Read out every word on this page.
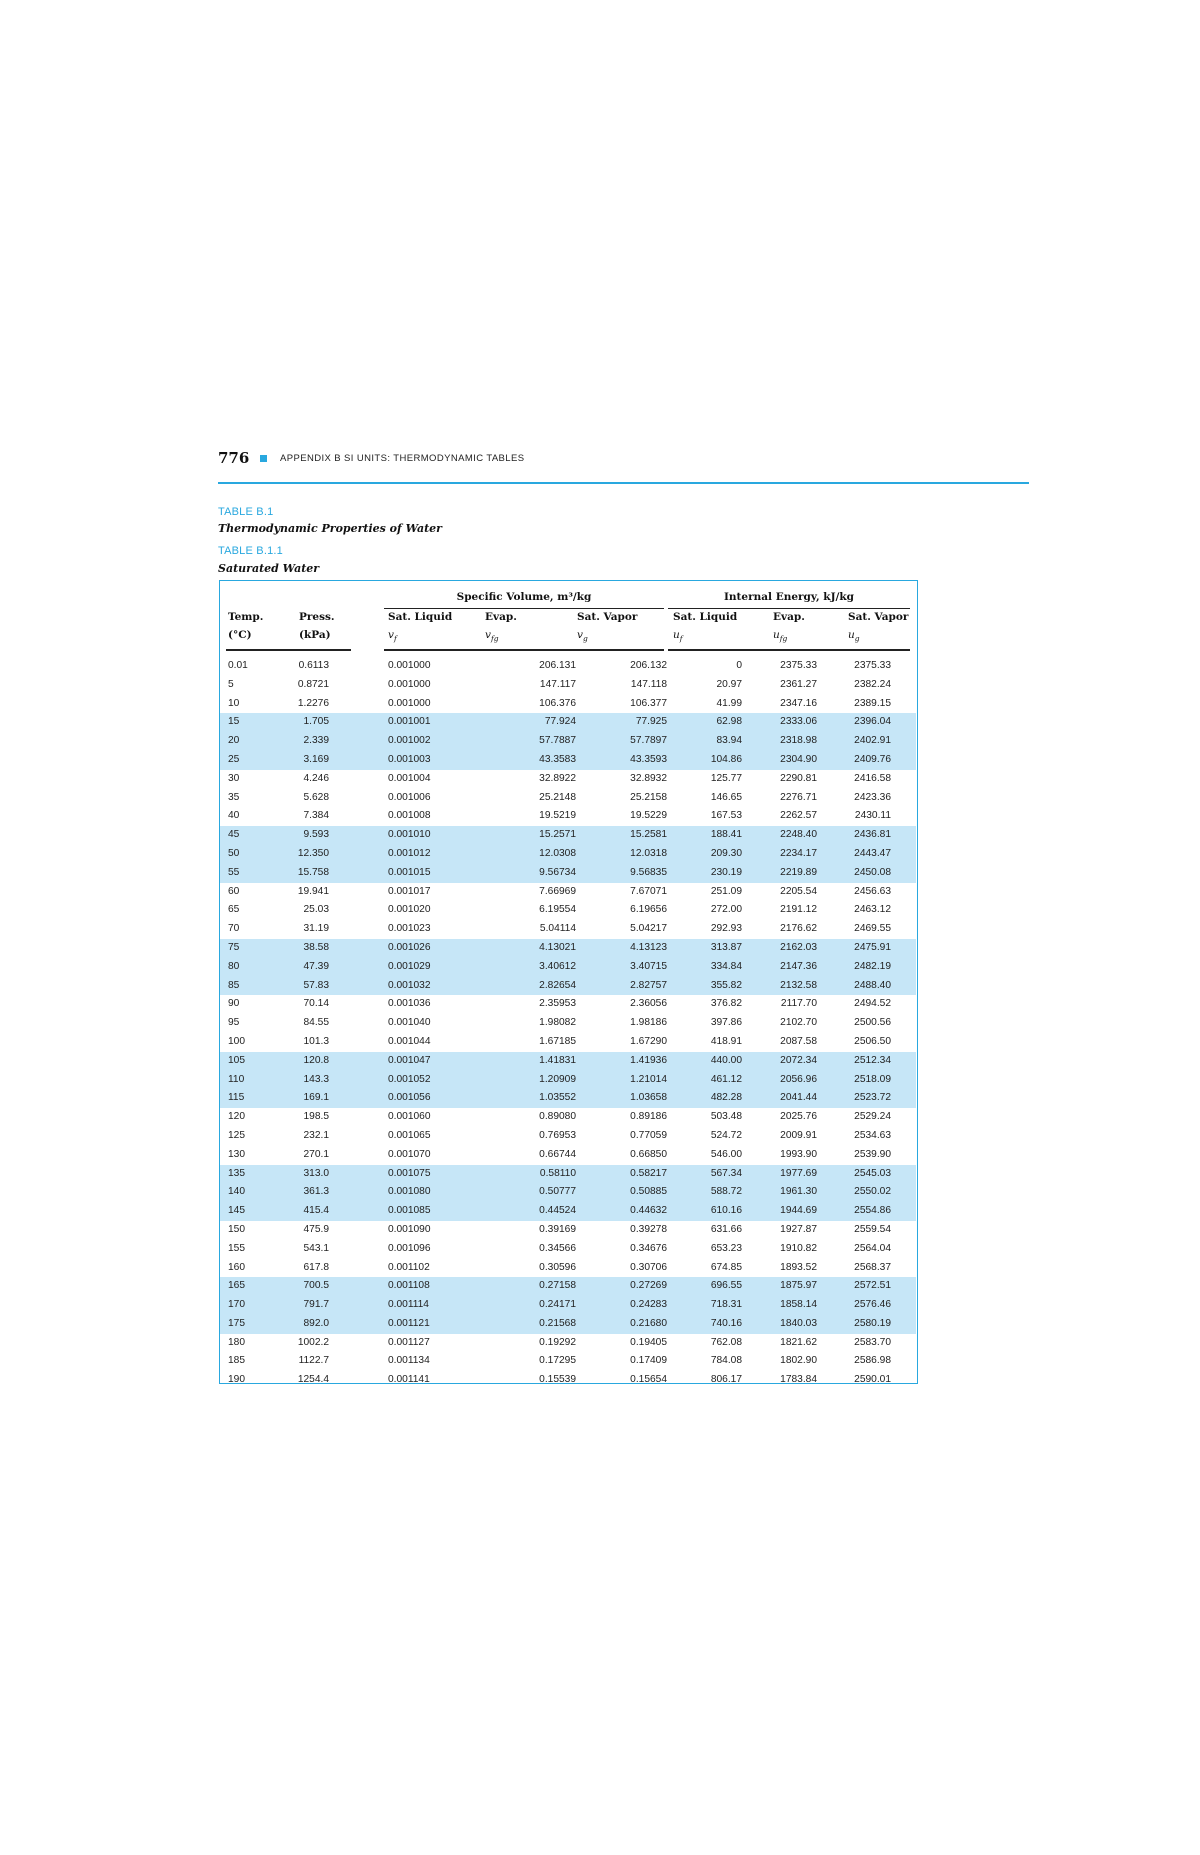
776	APPENDIX B SI UNITS: THERMODYNAMIC TABLES
TABLE B.1
Thermodynamic Properties of Water
TABLE B.1.1
Saturated Water
Specific Volume, m³/kg	Internal Energy, kJ/kg
Temp.
(°C)
Press.
(kPa)
Sat. Liquid	Evap.	Sat. Vapor	Sat. Liquid	Evap.	Sat. Vapor
$v_f$	$v_{fg}$	$v_g$	$u_f$	$u_{fg}$	$u_g$
0.01	0.6113	0.001000	206.131	206.132	0	2375.33	2375.33
5	0.8721	0.001000	147.117	147.118	20.97	2361.27	2382.24
10	1.2276	0.001000	106.376	106.377	41.99	2347.16	2389.15
15	1.705	0.001001	77.924	77.925	62.98	2333.06	2396.04
20	2.339	0.001002	57.7887	57.7897	83.94	2318.98	2402.91
25	3.169	0.001003	43.3583	43.3593	104.86	2304.90	2409.76
30	4.246	0.001004	32.8922	32.8932	125.77	2290.81	2416.58
35	5.628	0.001006	25.2148	25.2158	146.65	2276.71	2423.36
40	7.384	0.001008	19.5219	19.5229	167.53	2262.57	2430.11
45	9.593	0.001010	15.2571	15.2581	188.41	2248.40	2436.81
50	12.350	0.001012	12.0308	12.0318	209.30	2234.17	2443.47
55	15.758	0.001015	9.56734	9.56835	230.19	2219.89	2450.08
60	19.941	0.001017	7.66969	7.67071	251.09	2205.54	2456.63
65	25.03	0.001020	6.19554	6.19656	272.00	2191.12	2463.12
70	31.19	0.001023	5.04114	5.04217	292.93	2176.62	2469.55
75	38.58	0.001026	4.13021	4.13123	313.87	2162.03	2475.91
80	47.39	0.001029	3.40612	3.40715	334.84	2147.36	2482.19
85	57.83	0.001032	2.82654	2.82757	355.82	2132.58	2488.40
90	70.14	0.001036	2.35953	2.36056	376.82	2117.70	2494.52
95	84.55	0.001040	1.98082	1.98186	397.86	2102.70	2500.56
100	101.3	0.001044	1.67185	1.67290	418.91	2087.58	2506.50
105	120.8	0.001047	1.41831	1.41936	440.00	2072.34	2512.34
110	143.3	0.001052	1.20909	1.21014	461.12	2056.96	2518.09
115	169.1	0.001056	1.03552	1.03658	482.28	2041.44	2523.72
120	198.5	0.001060	0.89080	0.89186	503.48	2025.76	2529.24
125	232.1	0.001065	0.76953	0.77059	524.72	2009.91	2534.63
130	270.1	0.001070	0.66744	0.66850	546.00	1993.90	2539.90
135	313.0	0.001075	0.58110	0.58217	567.34	1977.69	2545.03
140	361.3	0.001080	0.50777	0.50885	588.72	1961.30	2550.02
145	415.4	0.001085	0.44524	0.44632	610.16	1944.69	2554.86
150	475.9	0.001090	0.39169	0.39278	631.66	1927.87	2559.54
155	543.1	0.001096	0.34566	0.34676	653.23	1910.82	2564.04
160	617.8	0.001102	0.30596	0.30706	674.85	1893.52	2568.37
165	700.5	0.001108	0.27158	0.27269	696.55	1875.97	2572.51
170	791.7	0.001114	0.24171	0.24283	718.31	1858.14	2576.46
175	892.0	0.001121	0.21568	0.21680	740.16	1840.03	2580.19
180	1002.2	0.001127	0.19292	0.19405	762.08	1821.62	2583.70
185	1122.7	0.001134	0.17295	0.17409	784.08	1802.90	2586.98
190	1254.4	0.001141	0.15539	0.15654	806.17	1783.84	2590.01
